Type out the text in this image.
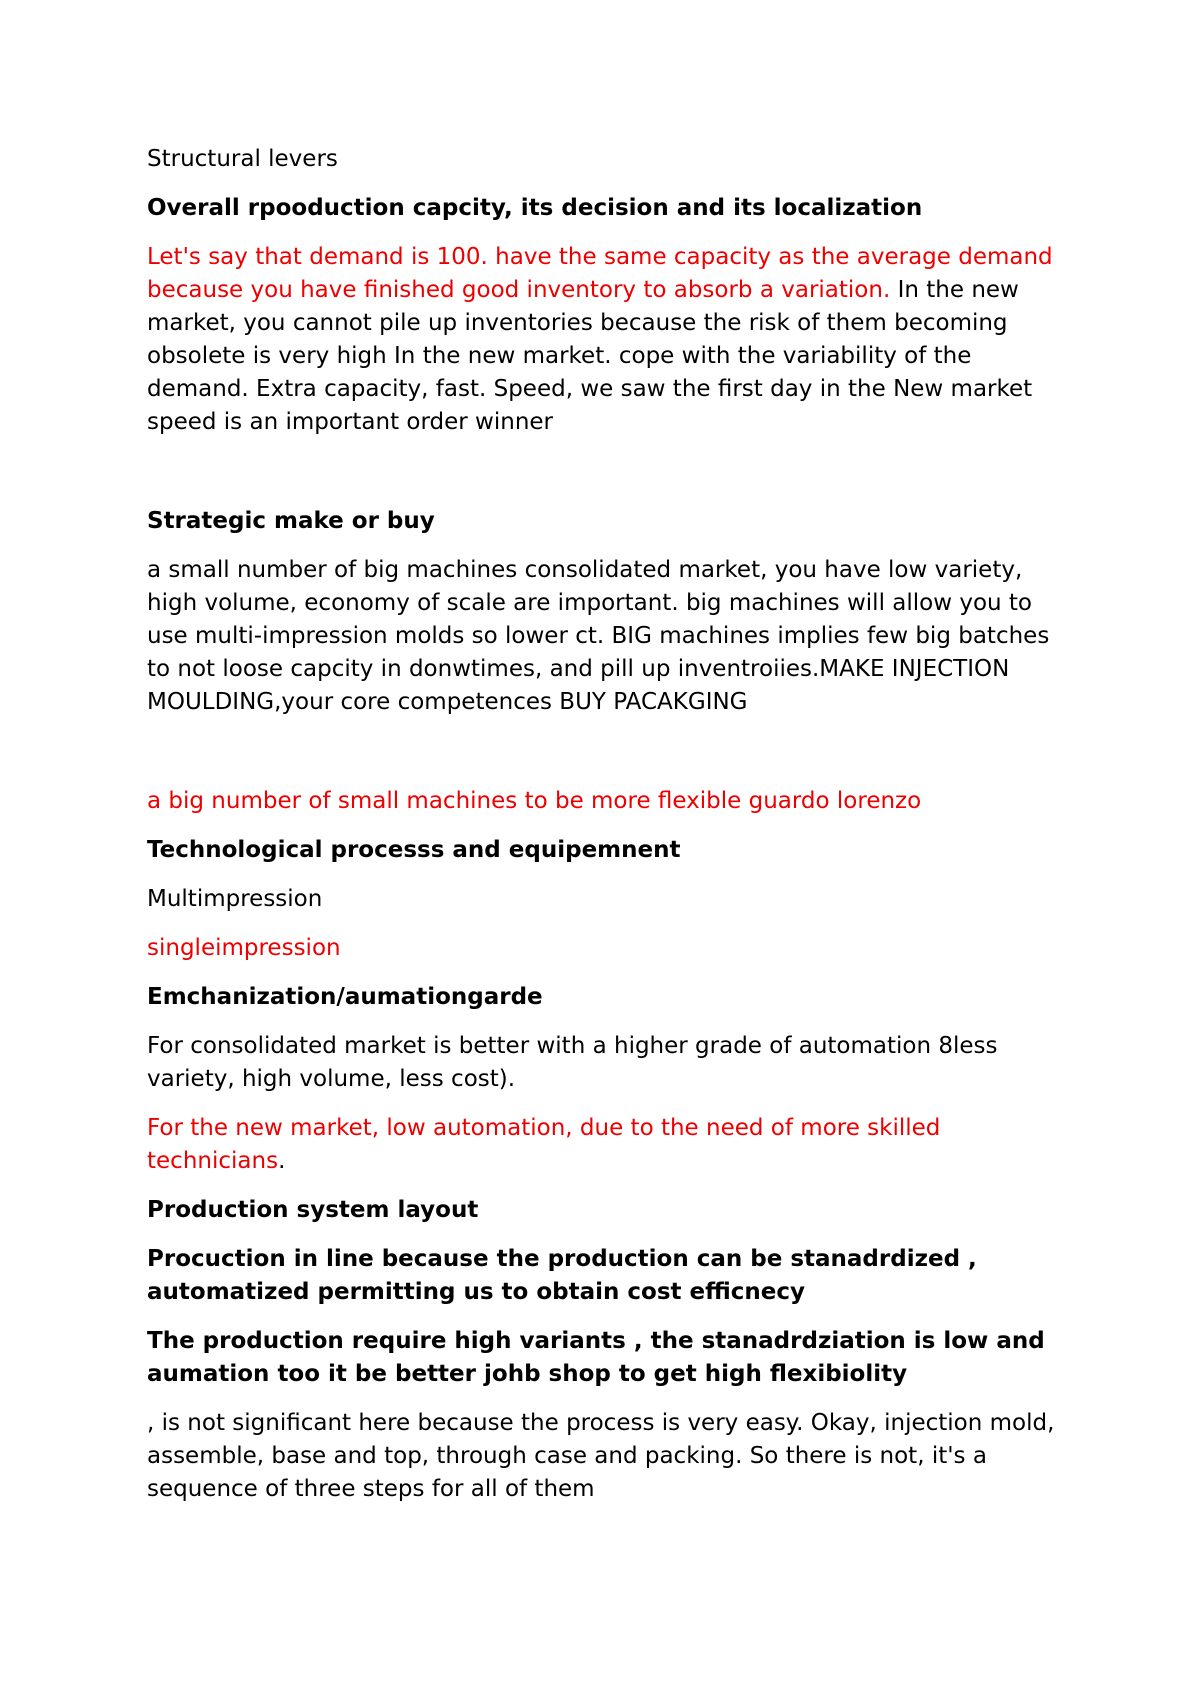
Structural levers

Overall rpooduction capcity, its decision and its localization

Let's say that demand is 100. have the same capacity as the average demand because you have finished good inventory to absorb a variation. In the new market, you cannot pile up inventories because the risk of them becoming obsolete is very high In the new market. cope with the variability of the demand. Extra capacity, fast. Speed, we saw the first day in the New market speed is an important order winner

Strategic make or buy

a small number of big machines consolidated market, you have low variety, high volume, economy of scale are important. big machines will allow you to use multi-impression molds so lower ct. BIG machines implies few big batches to not loose capcity in donwtimes, and pill up inventroiies.MAKE INJECTION MOULDING,your core competences BUY PACAKGING

a big number of small machines to be more flexible guardo lorenzo

Technological processs and equipemnent

Multimpression

singleimpression

Emchanization/aumationgarde

For consolidated market is better with a higher grade of automation 8less variety, high volume, less cost).

For the new market, low automation, due to the need of more skilled technicians.

Production system layout

Procuction in line because the production can be stanadrdized , automatized permitting us to obtain cost efficnecy

The production require high variants , the stanadrdziation is low and aumation too it be better johb shop to get high flexibiolity

, is not significant here because the process is very easy. Okay, injection mold, assemble, base and top, through case and packing. So there is not, it's a sequence of three steps for all of them
